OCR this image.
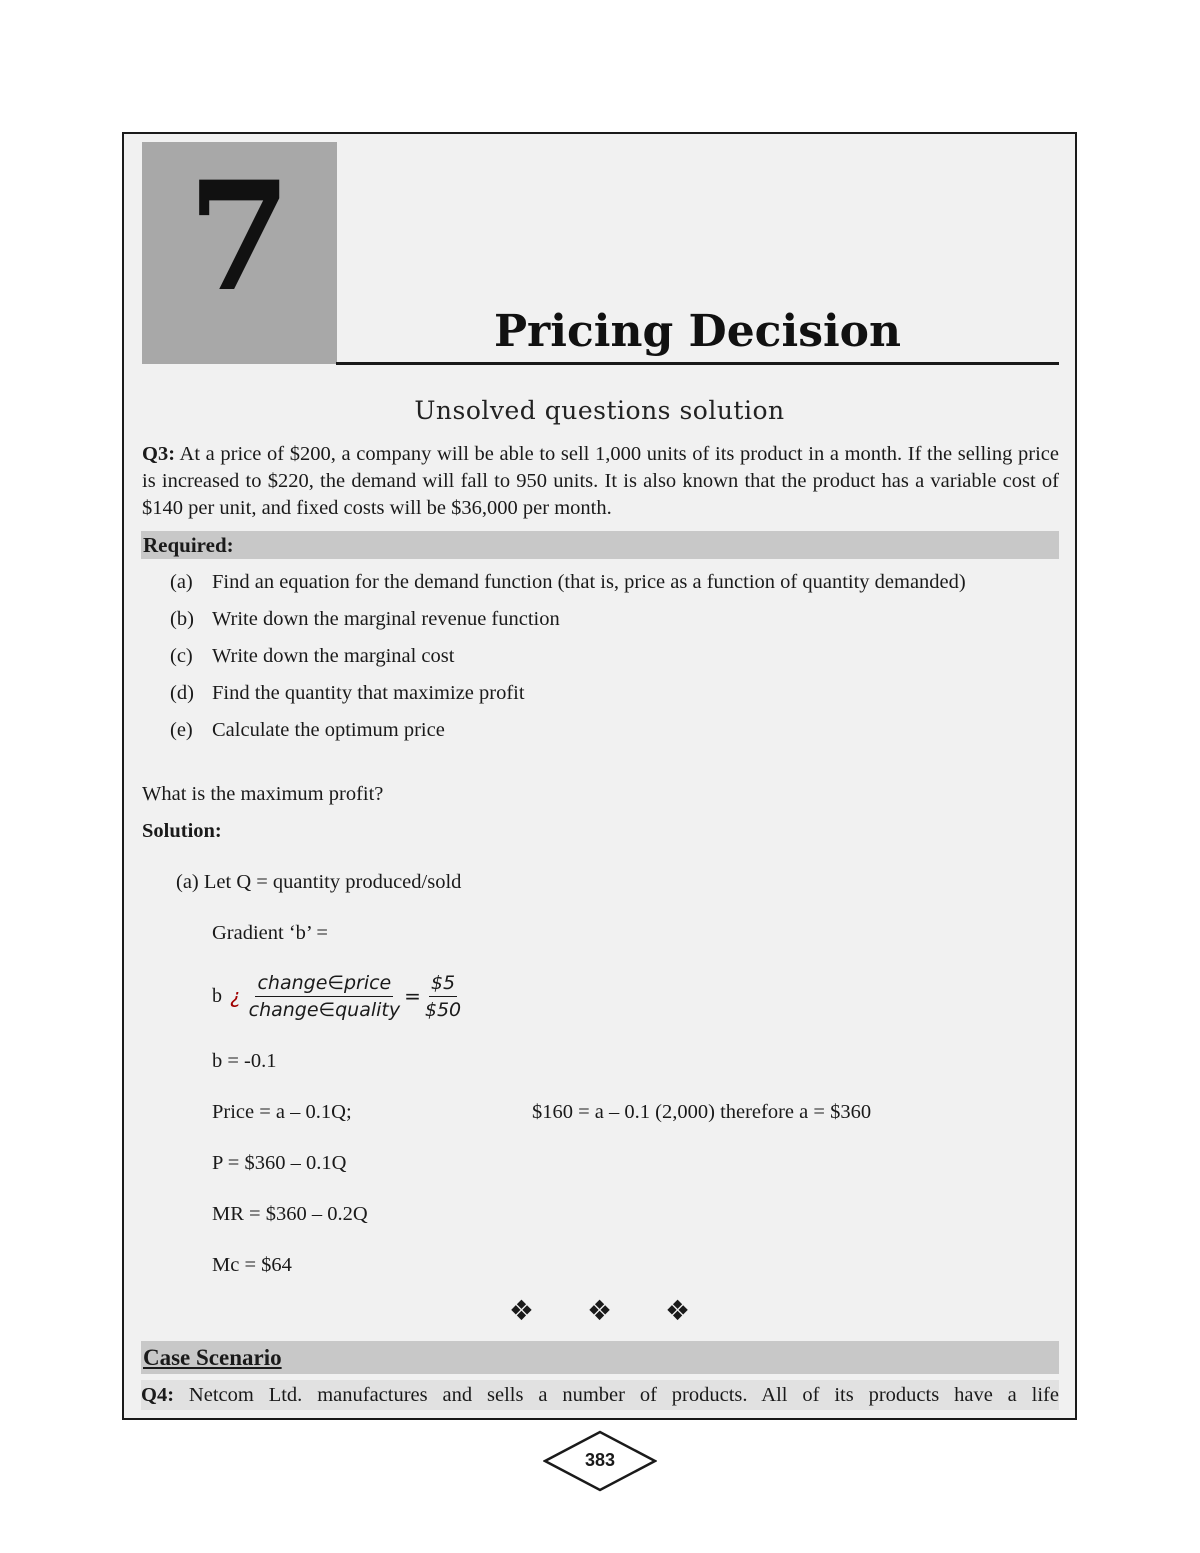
7
Pricing Decision
Unsolved questions solution
Q3: At a price of $200, a company will be able to sell 1,000 units of its product in a month. If the selling price is increased to $220, the demand will fall to 950 units. It is also known that the product has a variable cost of $140 per unit, and fixed costs will be $36,000 per month.
Required:
(a) Find an equation for the demand function (that is, price as a function of quantity demanded)
(b) Write down the marginal revenue function
(c) Write down the marginal cost
(d) Find the quantity that maximize profit
(e) Calculate the optimum price
What is the maximum profit?
Solution:
(a) Let Q = quantity produced/sold
Gradient ‘b’ =
b ¿ $\frac{\text{change∈price}}{\text{change∈quality}} = \frac{\$5}{\$50}$
b = -0.1
Price = a – 0.1Q;	$160 = a – 0.1 (2,000) therefore a = $360
P = $360 – 0.1Q
MR = $360 – 0.2Q
Mc = $64
❖ ❖ ❖
Case Scenario
Q4: Netcom Ltd. manufactures and sells a number of products. All of its products have a life
383
